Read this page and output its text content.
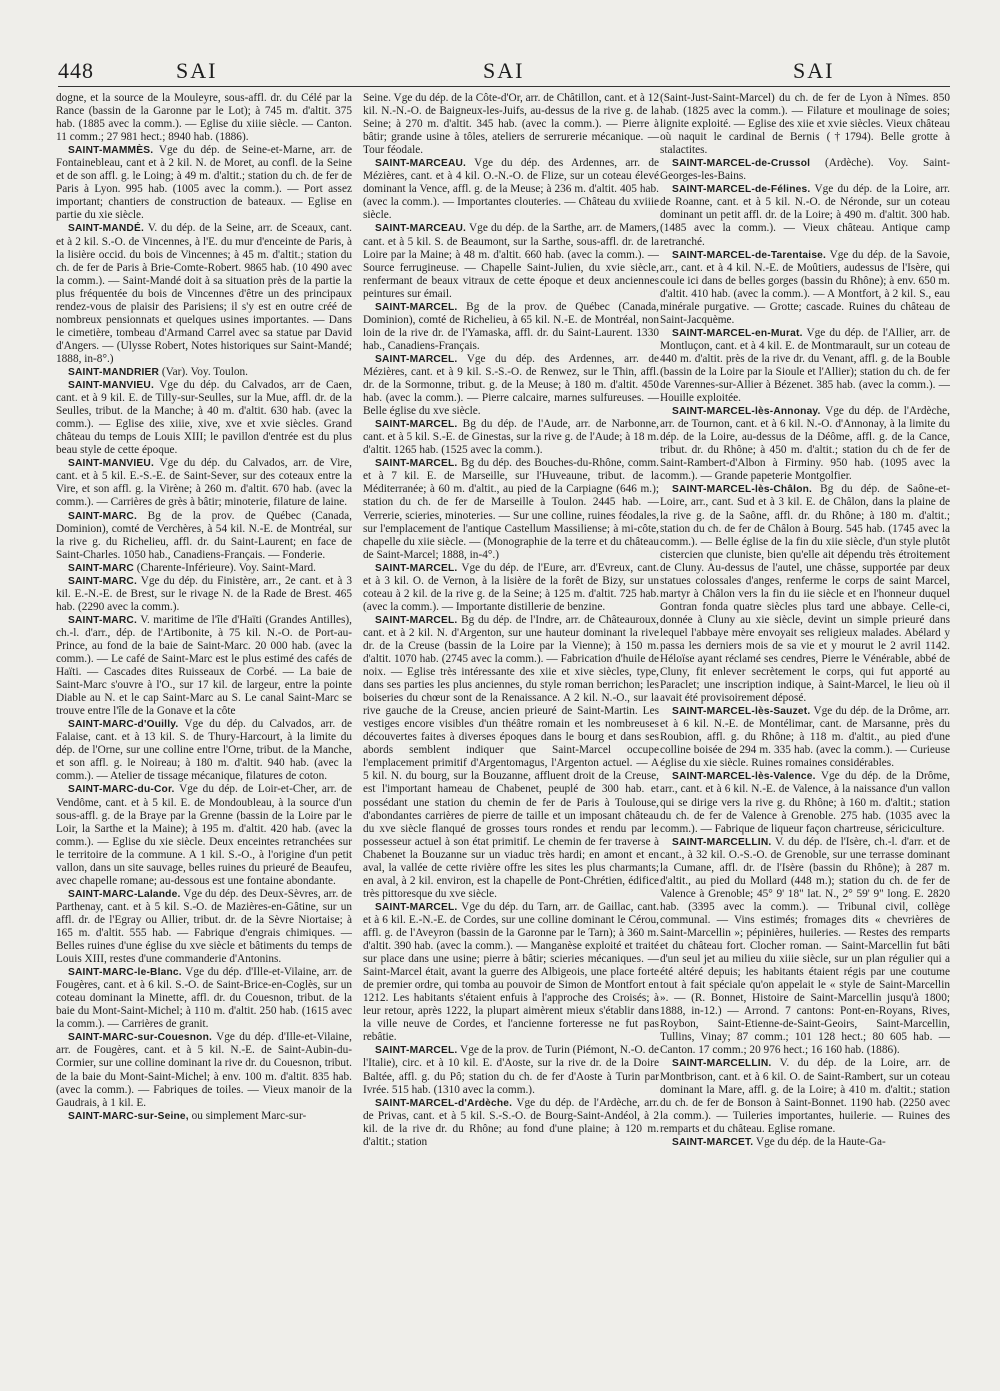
448	SAI	SAI	SAI

dogne, et la source de la Mouleyre, sous-affl. dr. du Célé par la Rance (bassin de la Garonne par le Lot); à 745 m. d'altit. 375 hab. (1885 avec la comm.). — Eglise du xiiie siècle. — Canton. 11 comm.; 27 981 hect.; 8940 hab. (1886).

SAINT-MAMMÈS. Vge du dép. de Seine-et-Marne, arr. de Fontainebleau, cant et à 2 kil. N. de Moret, au confl. de la Seine et de son affl. g. le Loing; à 49 m. d'altit.; station du ch. de fer de Paris à Lyon. 995 hab. (1005 avec la comm.). — Port assez important; chantiers de construction de bateaux. — Eglise en partie du xie siècle.

SAINT-MANDÉ. V. du dép. de la Seine, arr. de Sceaux, cant. et à 2 kil. S.-O. de Vincennes, à l'E. du mur d'enceinte de Paris, à la lisière occid. du bois de Vincennes; à 45 m. d'altit.; station du ch. de fer de Paris à Brie-Comte-Robert. 9865 hab. (10 490 avec la comm.). — Saint-Mandé doit à sa situation près de la partie la plus fréquentée du bois de Vincennes d'être un des principaux rendez-vous de plaisir des Parisiens; il s'y est en outre créé de nombreux pensionnats et quelques usines importantes. — Dans le cimetière, tombeau d'Armand Carrel avec sa statue par David d'Angers. — (Ulysse Robert, Notes historiques sur Saint-Mandé; 1888, in-8°.)

SAINT-MANDRIER (Var). Voy. Toulon.

SAINT-MANVIEU. Vge du dép. du Calvados, arr de Caen, cant. et à 9 kil. E. de Tilly-sur-Seulles, sur la Mue, affl. dr. de la Seulles, tribut. de la Manche; à 40 m. d'altit. 630 hab. (avec la comm.). — Eglise des xiiie, xive, xve et xvie siècles. Grand château du temps de Louis XIII; le pavillon d'entrée est du plus beau style de cette époque.

SAINT-MANVIEU. Vge du dép. du Calvados, arr. de Vire, cant. et à 5 kil. E.-S.-E. de Saint-Sever, sur des coteaux entre la Vire, et son affl. g. la Virène; à 260 m. d'altit. 670 hab. (avec la comm.). — Carrières de grès à bâtir; minoterie, filature de laine.

SAINT-MARC. Bg de la prov. de Québec (Canada, Dominion), comté de Verchères, à 54 kil. N.-E. de Montréal, sur la rive g. du Richelieu, affl. dr. du Saint-Laurent; en face de Saint-Charles. 1050 hab., Canadiens-Français. — Fonderie.

SAINT-MARC (Charente-Inférieure). Voy. Saint-Mard.

SAINT-MARC. Vge du dép. du Finistère, arr., 2e cant. et à 3 kil. E.-N.-E. de Brest, sur le rivage N. de la Rade de Brest. 465 hab. (2290 avec la comm.).

SAINT-MARC. V. maritime de l'île d'Haïti (Grandes Antilles), ch.-l. d'arr., dép. de l'Artibonite, à 75 kil. N.-O. de Port-au-Prince, au fond de la baie de Saint-Marc. 20 000 hab. (avec la comm.). — Le café de Saint-Marc est le plus estimé des cafés de Haïti. — Cascades dites Ruisseaux de Corbé. — La baie de Saint-Marc s'ouvre à l'O., sur 17 kil. de largeur, entre la pointe Diable au N. et le cap Saint-Marc au S. Le canal Saint-Marc se trouve entre l'île de la Gonave et la côte

SAINT-MARC-d'Ouilly. Vge du dép. du Calvados, arr. de Falaise, cant. et à 13 kil. S. de Thury-Harcourt, à la limite du dép. de l'Orne, sur une colline entre l'Orne, tribut. de la Manche, et son affl. g. le Noireau; à 180 m. d'altit. 940 hab. (avec la comm.). — Atelier de tissage mécanique, filatures de coton.

SAINT-MARC-du-Cor. Vge du dép. de Loir-et-Cher, arr. de Vendôme, cant. et à 5 kil. E. de Mondoubleau, à la source d'un sous-affl. g. de la Braye par la Grenne (bassin de la Loire par le Loir, la Sarthe et la Maine); à 195 m. d'altit. 420 hab. (avec la comm.). — Eglise du xie siècle. Deux enceintes retranchées sur le territoire de la commune. A 1 kil. S.-O., à l'origine d'un petit vallon, dans un site sauvage, belles ruines du prieuré de Beaufeu, avec chapelle romane; au-dessous est une fontaine abondante.

SAINT-MARC-Lalande. Vge du dép. des Deux-Sèvres, arr. de Parthenay, cant. et à 5 kil. S.-O. de Mazières-en-Gâtine, sur un affl. dr. de l'Egray ou Allier, tribut. dr. de la Sèvre Niortaise; à 165 m. d'altit. 555 hab. — Fabrique d'engrais chimiques. — Belles ruines d'une église du xve siècle et bâtiments du temps de Louis XIII, restes d'une commanderie d'Antonins.

SAINT-MARC-le-Blanc. Vge du dép. d'Ille-et-Vilaine, arr. de Fougères, cant. et à 6 kil. S.-O. de Saint-Brice-en-Coglès, sur un coteau dominant la Minette, affl. dr. du Couesnon, tribut. de la baie du Mont-Saint-Michel; à 110 m. d'altit. 250 hab. (1615 avec la comm.). — Carrières de granit.

SAINT-MARC-sur-Couesnon. Vge du dép. d'Ille-et-Vilaine, arr. de Fougères, cant. et à 5 kil. N.-E. de Saint-Aubin-du-Cormier, sur une colline dominant la rive dr. du Couesnon, tribut. de la baie du Mont-Saint-Michel; à env. 100 m. d'altit. 835 hab. (avec la comm.). — Fabriques de toiles. — Vieux manoir de la Gaudrais, à 1 kil. E.

SAINT-MARC-sur-Seine, ou simplement Marc-sur-

Seine. Vge du dép. de la Côte-d'Or, arr. de Châtillon, cant. et à 12 kil. N.-N.-O. de Baigneux-les-Juifs, au-dessus de la rive g. de la Seine; à 270 m. d'altit. 345 hab. (avec la comm.). — Pierre à bâtir; grande usine à tôles, ateliers de serrurerie mécanique. — Tour féodale.

SAINT-MARCEAU. Vge du dép. des Ardennes, arr. de Mézières, cant. et à 4 kil. O.-N.-O. de Flize, sur un coteau élevé dominant la Vence, affl. g. de la Meuse; à 236 m. d'altit. 405 hab. (avec la comm.). — Importantes clouteries. — Château du xviiie siècle.

SAINT-MARCEAU. Vge du dép. de la Sarthe, arr. de Mamers, cant. et à 5 kil. S. de Beaumont, sur la Sarthe, sous-affl. dr. de la Loire par la Maine; à 48 m. d'altit. 660 hab. (avec la comm.). — Source ferrugineuse. — Chapelle Saint-Julien, du xvie siècle, renfermant de beaux vitraux de cette époque et deux anciennes peintures sur émail.

SAINT-MARCEL. Bg de la prov. de Québec (Canada, Dominion), comté de Richelieu, à 65 kil. N.-E. de Montréal, non loin de la rive dr. de l'Yamaska, affl. dr. du Saint-Laurent. 1330 hab., Canadiens-Français.

SAINT-MARCEL. Vge du dép. des Ardennes, arr. de Mézières, cant. et à 9 kil. S.-S.-O. de Renwez, sur le Thin, affl. dr. de la Sormonne, tribut. g. de la Meuse; à 180 m. d'altit. 450 hab. (avec la comm.). — Pierre calcaire, marnes sulfureuses. — Belle église du xve siècle.

SAINT-MARCEL. Bg du dép. de l'Aude, arr. de Narbonne, cant. et à 5 kil. S.-E. de Ginestas, sur la rive g. de l'Aude; à 18 m. d'altit. 1265 hab. (1525 avec la comm.).

SAINT-MARCEL. Bg du dép. des Bouches-du-Rhône, comm. et à 7 kil. E. de Marseille, sur l'Huveaune, tribut. de la Méditerranée; à 60 m. d'altit., au pied de la Carpiagne (646 m.); station du ch. de fer de Marseille à Toulon. 2445 hab. — Verrerie, scieries, minoteries. — Sur une colline, ruines féodales, sur l'emplacement de l'antique Castellum Massiliense; à mi-côte, chapelle du xiie siècle. — (Monographie de la terre et du château de Saint-Marcel; 1888, in-4°.)

SAINT-MARCEL. Vge du dép. de l'Eure, arr. d'Evreux, cant. et à 3 kil. O. de Vernon, à la lisière de la forêt de Bizy, sur un coteau à 2 kil. de la rive g. de la Seine; à 125 m. d'altit. 725 hab. (avec la comm.). — Importante distillerie de benzine.

SAINT-MARCEL. Bg du dép. de l'Indre, arr. de Châteauroux, cant. et à 2 kil. N. d'Argenton, sur une hauteur dominant la rive dr. de la Creuse (bassin de la Loire par la Vienne); à 150 m. d'altit. 1070 hab. (2745 avec la comm.). — Fabrication d'huile de noix. — Eglise très intéressante des xiie et xive siècles, type, dans ses parties les plus anciennes, du style roman berrichon; les boiseries du chœur sont de la Renaissance. A 2 kil. N.-O., sur la rive gauche de la Creuse, ancien prieuré de Saint-Martin. Les vestiges encore visibles d'un théâtre romain et les nombreuses découvertes faites à diverses époques dans le bourg et dans ses abords semblent indiquer que Saint-Marcel occupe l'emplacement primitif d'Argentomagus, l'Argenton actuel. — A 5 kil. N. du bourg, sur la Bouzanne, affluent droit de la Creuse, est l'important hameau de Chabenet, peuplé de 300 hab. et possédant une station du chemin de fer de Paris à Toulouse, d'abondantes carrières de pierre de taille et un imposant château du xve siècle flanqué de grosses tours rondes et rendu par le possesseur actuel à son état primitif. Le chemin de fer traverse à Chabenet la Bouzanne sur un viaduc très hardi; en amont et en aval, la vallée de cette rivière offre les sites les plus charmants; en aval, à 2 kil. environ, est la chapelle de Pont-Chrétien, édifice très pittoresque du xve siècle.

SAINT-MARCEL. Vge du dép. du Tarn, arr. de Gaillac, cant. et à 6 kil. E.-N.-E. de Cordes, sur une colline dominant le Cérou, affl. g. de l'Aveyron (bassin de la Garonne par le Tarn); à 360 m. d'altit. 390 hab. (avec la comm.). — Manganèse exploité et traité sur place dans une usine; pierre à bâtir; scieries mécaniques. — Saint-Marcel était, avant la guerre des Albigeois, une place forte de premier ordre, qui tomba au pouvoir de Simon de Montfort en 1212. Les habitants s'étaient enfuis à l'approche des Croisés; à leur retour, après 1222, la plupart aimèrent mieux s'établir dans la ville neuve de Cordes, et l'ancienne forteresse ne fut pas rebâtie.

SAINT-MARCEL. Vge de la prov. de Turin (Piémont, N.-O. de l'Italie), circ. et à 10 kil. E. d'Aoste, sur la rive dr. de la Doire Baltée, affl. g. du Pô; station du ch. de fer d'Aoste à Turin par Ivrée. 515 hab. (1310 avec la comm.).

SAINT-MARCEL-d'Ardèche. Vge du dép. de l'Ardèche, arr. de Privas, cant. et à 5 kil. S.-S.-O. de Bourg-Saint-Andéol, à 2 kil. de la rive dr. du Rhône; au fond d'une plaine; à 120 m. d'altit.; station

(Saint-Just-Saint-Marcel) du ch. de fer de Lyon à Nîmes. 850 hab. (1825 avec la comm.). — Filature et moulinage de soies; lignite exploité. — Eglise des xiie et xvie siècles. Vieux château où naquit le cardinal de Bernis (†1794). Belle grotte à stalactites.

SAINT-MARCEL-de-Crussol (Ardèche). Voy. Saint-Georges-les-Bains.

SAINT-MARCEL-de-Félines. Vge du dép. de la Loire, arr. de Roanne, cant. et à 5 kil. N.-O. de Néronde, sur un coteau dominant un petit affl. dr. de la Loire; à 490 m. d'altit. 300 hab. (1485 avec la comm.). — Vieux château. Antique camp retranché.

SAINT-MARCEL-de-Tarentaise. Vge du dép. de la Savoie, arr., cant. et à 4 kil. N.-E. de Moûtiers, audessus de l'Isère, qui coule ici dans de belles gorges (bassin du Rhône); à env. 650 m. d'altit. 410 hab. (avec la comm.). — A Montfort, à 2 kil. S., eau minérale purgative. — Grotte; cascade. Ruines du château de Saint-Jacquème.

SAINT-MARCEL-en-Murat. Vge du dép. de l'Allier, arr. de Montluçon, cant. et à 4 kil. E. de Montmarault, sur un coteau de 440 m. d'altit. près de la rive dr. du Venant, affl. g. de la Bouble (bassin de la Loire par la Sioule et l'Allier); station du ch. de fer de Varennes-sur-Allier à Bézenet. 385 hab. (avec la comm.). — Houille exploitée.

SAINT-MARCEL-lès-Annonay. Vge du dép. de l'Ardèche, arr. de Tournon, cant. et à 6 kil. N.-O. d'Annonay, à la limite du dép. de la Loire, au-dessus de la Déôme, affl. g. de la Cance, tribut. dr. du Rhône; à 450 m. d'altit.; station du ch de fer de Saint-Rambert-d'Albon à Firminy. 950 hab. (1095 avec la comm.). — Grande papeterie Montgolfier.

SAINT-MARCEL-lès-Châlon. Bg du dép. de Saône-et-Loire, arr., cant. Sud et à 3 kil. E. de Châlon, dans la plaine de la rive g. de la Saône, affl. dr. du Rhône; à 180 m. d'altit.; station du ch. de fer de Châlon à Bourg. 545 hab. (1745 avec la comm.). — Belle église de la fin du xiie siècle, d'un style plutôt cistercien que cluniste, bien qu'elle ait dépendu très étroitement de Cluny. Au-dessus de l'autel, une châsse, supportée par deux statues colossales d'anges, renferme le corps de saint Marcel, martyr à Châlon vers la fin du iie siècle et en l'honneur duquel Gontran fonda quatre siècles plus tard une abbaye. Celle-ci, donnée à Cluny au xie siècle, devint un simple prieuré dans lequel l'abbaye mère envoyait ses religieux malades. Abélard y passa les derniers mois de sa vie et y mourut le 2 avril 1142. Héloïse ayant réclamé ses cendres, Pierre le Vénérable, abbé de Cluny, fit enlever secrètement le corps, qui fut apporté au Paraclet; une inscription indique, à Saint-Marcel, le lieu où il avait été provisoirement déposé.

SAINT-MARCEL-lès-Sauzet. Vge du dép. de la Drôme, arr. et à 6 kil. N.-E. de Montélimar, cant. de Marsanne, près du Roubion, affl. g. du Rhône; à 118 m. d'altit., au pied d'une colline boisée de 294 m. 335 hab. (avec la comm.). — Curieuse église du xie siècle. Ruines romaines considérables.

SAINT-MARCEL-lès-Valence. Vge du dép. de la Drôme, arr., cant. et à 6 kil. N.-E. de Valence, à la naissance d'un vallon qui se dirige vers la rive g. du Rhône; à 160 m. d'altit.; station du ch. de fer de Valence à Grenoble. 275 hab. (1035 avec la comm.). — Fabrique de liqueur façon chartreuse, sériciculture.

SAINT-MARCELLIN. V. du dép. de l'Isère, ch.-l. d'arr. et de cant., à 32 kil. O.-S.-O. de Grenoble, sur une terrasse dominant la Cumane, affl. dr. de l'Isère (bassin du Rhône); à 287 m. d'altit., au pied du Mollard (448 m.); station du ch. de fer de Valence à Grenoble; 45° 9' 18" lat. N., 2° 59' 9" long. E. 2820 hab. (3395 avec la comm.). — Tribunal civil, collège communal. — Vins estimés; fromages dits « chevrières de Saint-Marcellin »; pépinières, huileries. — Restes des remparts et du château fort. Clocher roman. — Saint-Marcellin fut bâti d'un seul jet au milieu du xiiie siècle, sur un plan régulier qui a été altéré depuis; les habitants étaient régis par une coutume tout à fait spéciale qu'on appelait le « style de Saint-Marcellin ». — (R. Bonnet, Histoire de Saint-Marcellin jusqu'à 1800; 1888, in-12.) — Arrond. 7 cantons: Pont-en-Royans, Rives, Roybon, Saint-Etienne-de-Saint-Geoirs, Saint-Marcellin, Tullins, Vinay; 87 comm.; 101 128 hect.; 80 605 hab. — Canton. 17 comm.; 20 976 hect.; 16 160 hab. (1886).

SAINT-MARCELLIN. V. du dép. de la Loire, arr. de Montbrison, cant. et à 6 kil. O. de Saint-Rambert, sur un coteau dominant la Mare, affl. g. de la Loire; à 410 m. d'altit.; station du ch. de fer de Bonson à Saint-Bonnet. 1190 hab. (2250 avec la comm.). — Tuileries importantes, huilerie. — Ruines des remparts et du château. Eglise romane.

SAINT-MARCET. Vge du dép. de la Haute-Ga-
